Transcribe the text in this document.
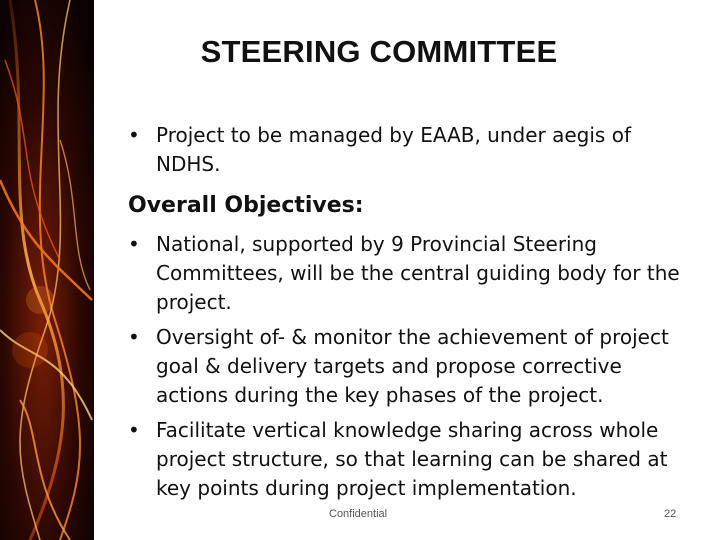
STEERING COMMITTEE
• Project to be managed by EAAB, under aegis of NDHS.
Overall Objectives:
• National, supported by 9 Provincial Steering Committees, will be the central guiding body for the project.
• Oversight of- & monitor the achievement of project goal & delivery targets and propose corrective actions during the key phases of the project.
• Facilitate vertical knowledge sharing across whole project structure, so that learning can be shared at key points during project implementation.
Confidential	22
